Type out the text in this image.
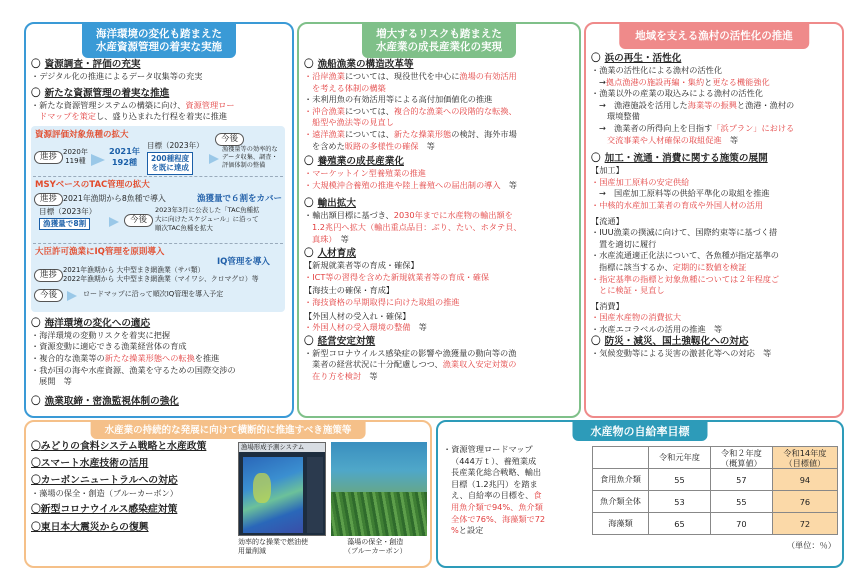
海洋環境の変化も踏まえた
水産資源管理の着実な実施
〇 資源調査・評価の充実
・デジタル化の推進によるデータ収集等の充実
〇 新たな資源管理の着実な推進
・新たな資源管理システムの構築に向け、資源管理ロー
ドマップを策定し、盛り込まれた行程を着実に推進
資源評価対象魚種の拡大
進捗 2020年
119種
2021年
192種
目標（2023年）
200種程度
を既に達成
今後
漁獲量等の効率的な
データ収集、調査・
評価体制の整備
MSYベースのTAC管理の拡大
進捗 2021年漁期から8魚種で導入	漁獲量で６割をカバー
目標（2023年）
漁獲量で8割	今後
2023年3月に公表した「TAC魚種拡
大に向けたスケジュール」に沿って
順次TAC魚種を拡大
大臣許可漁業にIQ管理を原則導入
IQ管理を導入
進捗 2021年漁期から 大中型まき網漁業（サバ類）
2022年漁期から 大中型まき網漁業（マイワシ、クロマグロ）等
今後	ロードマップに沿って順次IQ管理を導入予定
〇 海洋環境の変化への適応
・海洋環境の変動リスクを着実に把握
・資源変動に適応できる漁業経営体の育成
・複合的な漁業等の新たな操業形態への転換を推進
・我が国の海や水産資源、漁業を守るための国際交渉の
展開　等
〇 漁業取締・密漁監視体制の強化
増大するリスクも踏まえた
水産業の成長産業化の実現
〇 漁船漁業の構造改革等
・沿岸漁業については、現役世代を中心に漁場の有効活用
を考える体制の構築
・未利用魚の有効活用等による高付加価値化の推進
・沖合漁業については、複合的な漁業への段階的な転換、
船型や漁法等の見直し
・遠洋漁業については、新たな操業形態の検討、海外市場
を含めた販路の多様性の確保　等
〇 養殖業の成長産業化
・マーケットイン型養殖業の推進
・大規模沖合養殖の推進や陸上養殖への届出制の導入　等
〇 輸出拡大
・輸出額目標に基づき、2030年までに水産物の輸出額を
1.2兆円へ拡大（輸出重点品目：ぶり、たい、ホタテ貝、
真珠）　等
〇 人材育成
【新規就業者等の育成・確保】
・ICT等の習得を含めた新規就業者等の育成・確保
【海技士の確保・育成】
・海技資格の早期取得に向けた取組の推進
【外国人材の受入れ・確保】
・外国人材の受入環境の整備　等
〇 経営安定対策
・新型コロナウイルス感染症の影響や漁獲量の動向等の漁
業者の経営状況に十分配慮しつつ、漁業収入安定対策の
在り方を検討　等
地域を支える漁村の活性化の推進
〇 浜の再生・活性化
・漁業の活性化による漁村の活性化
→拠点漁港の施設再編・集約と更なる機能強化
・漁業以外の産業の取込みによる漁村の活性化
→　漁港施設を活用した海業等の振興と漁港・漁村の
環境整備
→　漁業者の所得向上を目指す「浜プラン」における
交流事業や人材確保の取組促進　等
〇 加工・流通・消費に関する施策の展開
【加工】
・国産加工原料の安定供給
→　国産加工原料等の供給平準化の取組を推進
・中核的水産加工業者の育成や外国人材の活用
【流通】
・IUU漁業の撲滅に向けて、国際約束等に基づく措
置を適切に履行
・水産流通適正化法について、各魚種が指定基準の
指標に該当するか、定期的に数値を検証
・指定基準の指標と対象魚種については２年程度ご
とに検証・見直し
【消費】
・国産水産物の消費拡大
・水産エコラベルの活用の推進　等
〇 防災・減災、国土強靱化への対応
・気候変動等による災害の激甚化等への対応　等
水産業の持続的な発展に向けて横断的に推進すべき施策等
〇みどりの食料システム戦略と水産政策
〇スマート水産技術の活用
〇カーボンニュートラルへの対応
・藻場の保全・創造（ブルーカーボン）
〇新型コロナウイルス感染症対策
〇東日本大震災からの復興
漁場形成予測システム
効率的な操業で燃油使
用量削減
藻場の保全・創造
（ブルーカーボン）
水産物の自給率目標
・資源管理ロードマップ
（444万ｔ）、養殖業成
長産業化総合戦略、輸出
目標（1.2兆円）を踏ま
え、自給率の目標を、食
用魚介類で94%、魚介類
全体で76%、海藻類で72
%と設定
	令和元年度	令和２年度
（概算値）	令和14年度
（目標値）
食用魚介類	55	57	94
魚介類全体	53	55	76
海藻類	65	70	72
（単位：％）
